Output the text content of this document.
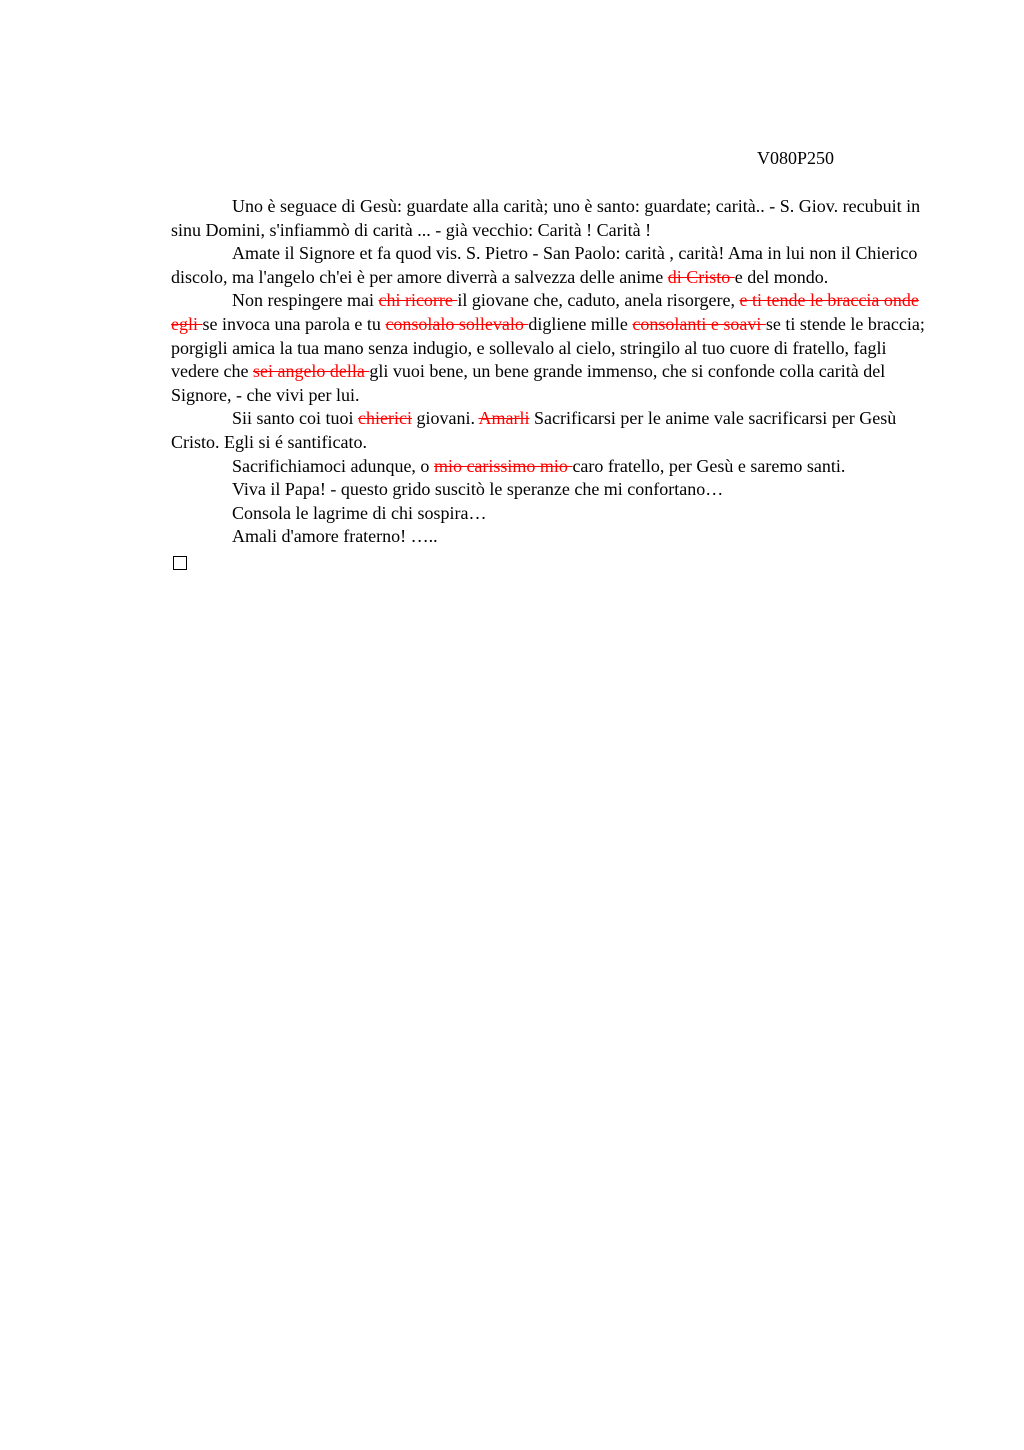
V080P250

Uno è seguace di Gesù: guardate alla carità; uno è santo: guardate; carità.. - S. Giov. recubuit in sinu Domini, s'infiammò di carità ... - già vecchio: Carità ! Carità !

Amate il Signore et fa quod vis. S. Pietro - San Paolo: carità , carità! Ama in lui non il Chierico discolo, ma l'angelo ch'ei è per amore diverrà a salvezza delle anime di Cristo e del mondo.

Non respingere mai chi ricorre il giovane che, caduto, anela risorgere, e ti tende le braccia onde egli se invoca una parola e tu consolalo sollevalo digliene mille consolanti e soavi se ti stende le braccia; porgigli amica la tua mano senza indugio, e sollevalo al cielo, stringilo al tuo cuore di fratello, fagli vedere che sei angelo della gli vuoi bene, un bene grande immenso, che si confonde colla carità del Signore, - che vivi per lui.

Sii santo coi tuoi chierici giovani. Amarli Sacrificarsi per le anime vale sacrificarsi per Gesù Cristo. Egli si é santificato.

Sacrifichiamoci adunque, o mio carissimo mio caro fratello, per Gesù e saremo santi.

Viva il Papa! - questo grido suscitò le speranze che mi confortano…

Consola le lagrime di chi sospira…

Amali d'amore fraterno! …..
